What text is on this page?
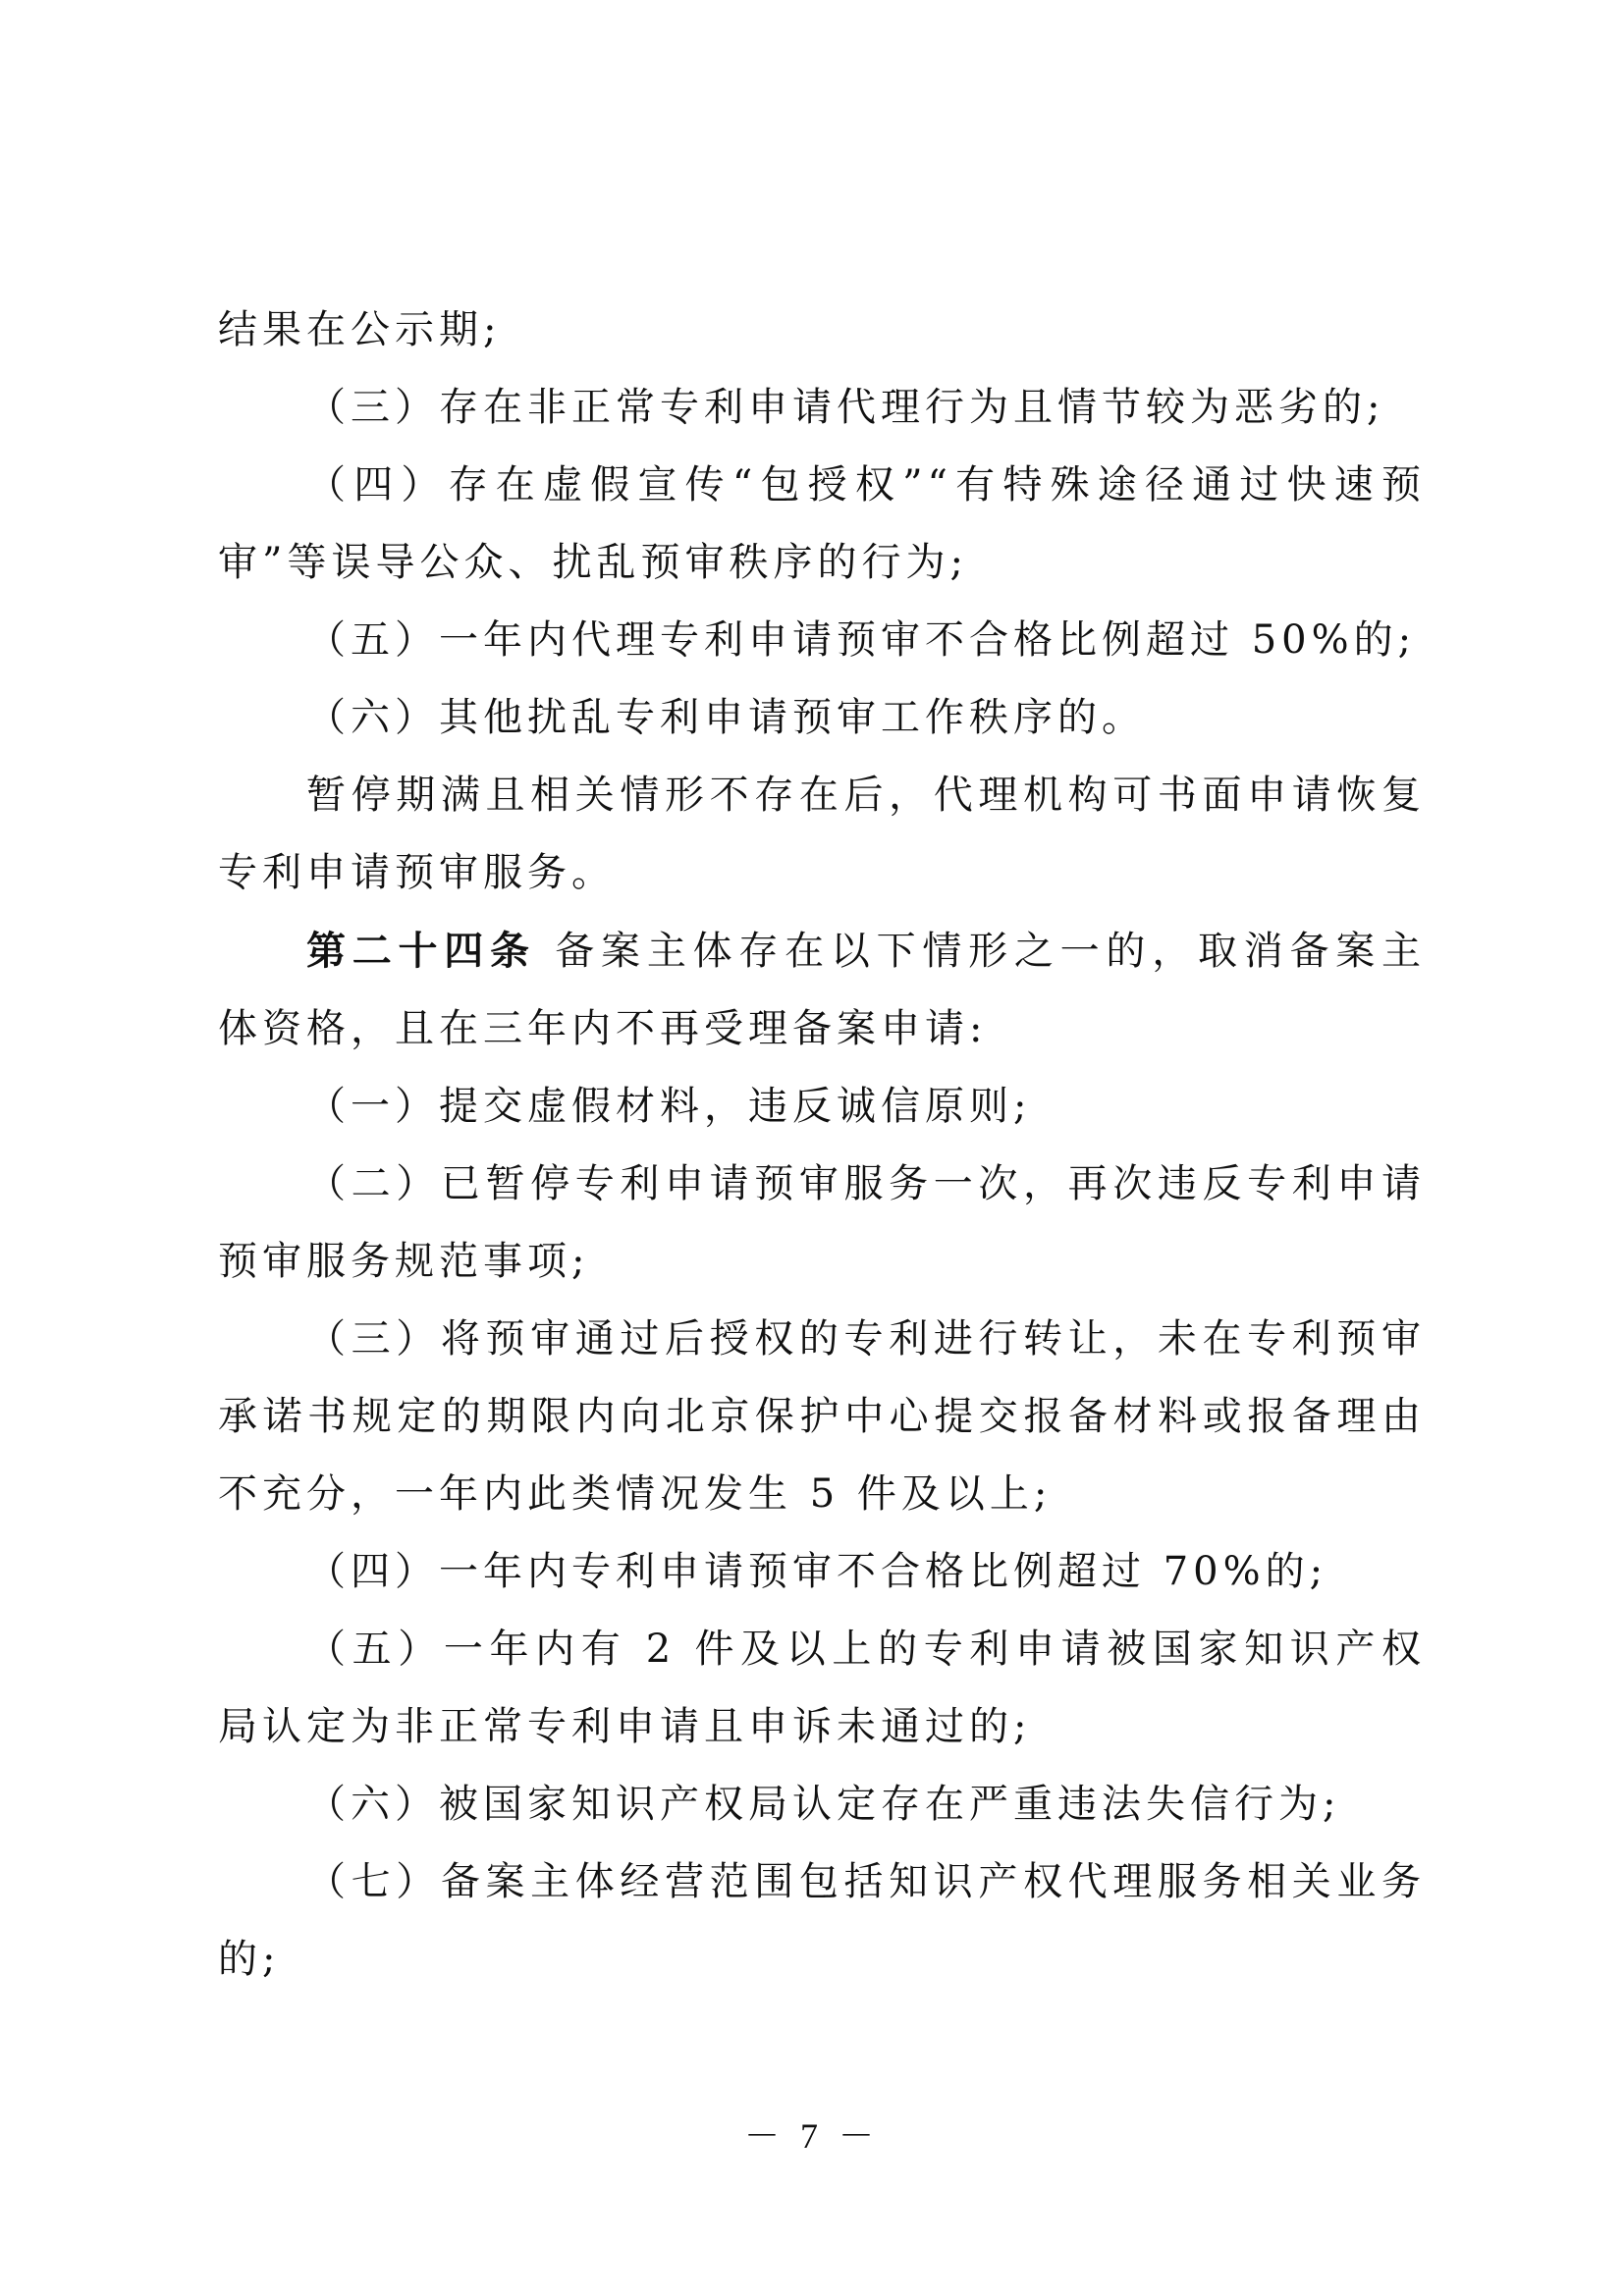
结果在公示期;

（三）存在非正常专利申请代理行为且情节较为恶劣的;

（四）存在虚假宣传“包授权”“有特殊途径通过快速预审”等误导公众、扰乱预审秩序的行为;

（五）一年内代理专利申请预审不合格比例超过 50%的;

（六）其他扰乱专利申请预审工作秩序的。

暂停期满且相关情形不存在后，代理机构可书面申请恢复专利申请预审服务。

第二十四条 备案主体存在以下情形之一的，取消备案主体资格，且在三年内不再受理备案申请:

（一）提交虚假材料，违反诚信原则;

（二）已暂停专利申请预审服务一次，再次违反专利申请预审服务规范事项;

（三）将预审通过后授权的专利进行转让，未在专利预审承诺书规定的期限内向北京保护中心提交报备材料或报备理由不充分，一年内此类情况发生 5 件及以上;

（四）一年内专利申请预审不合格比例超过 70%的;

（五）一年内有 2 件及以上的专利申请被国家知识产权局认定为非正常专利申请且申诉未通过的;

（六）被国家知识产权局认定存在严重违法失信行为;

（七）备案主体经营范围包括知识产权代理服务相关业务的;

－ 7 －
